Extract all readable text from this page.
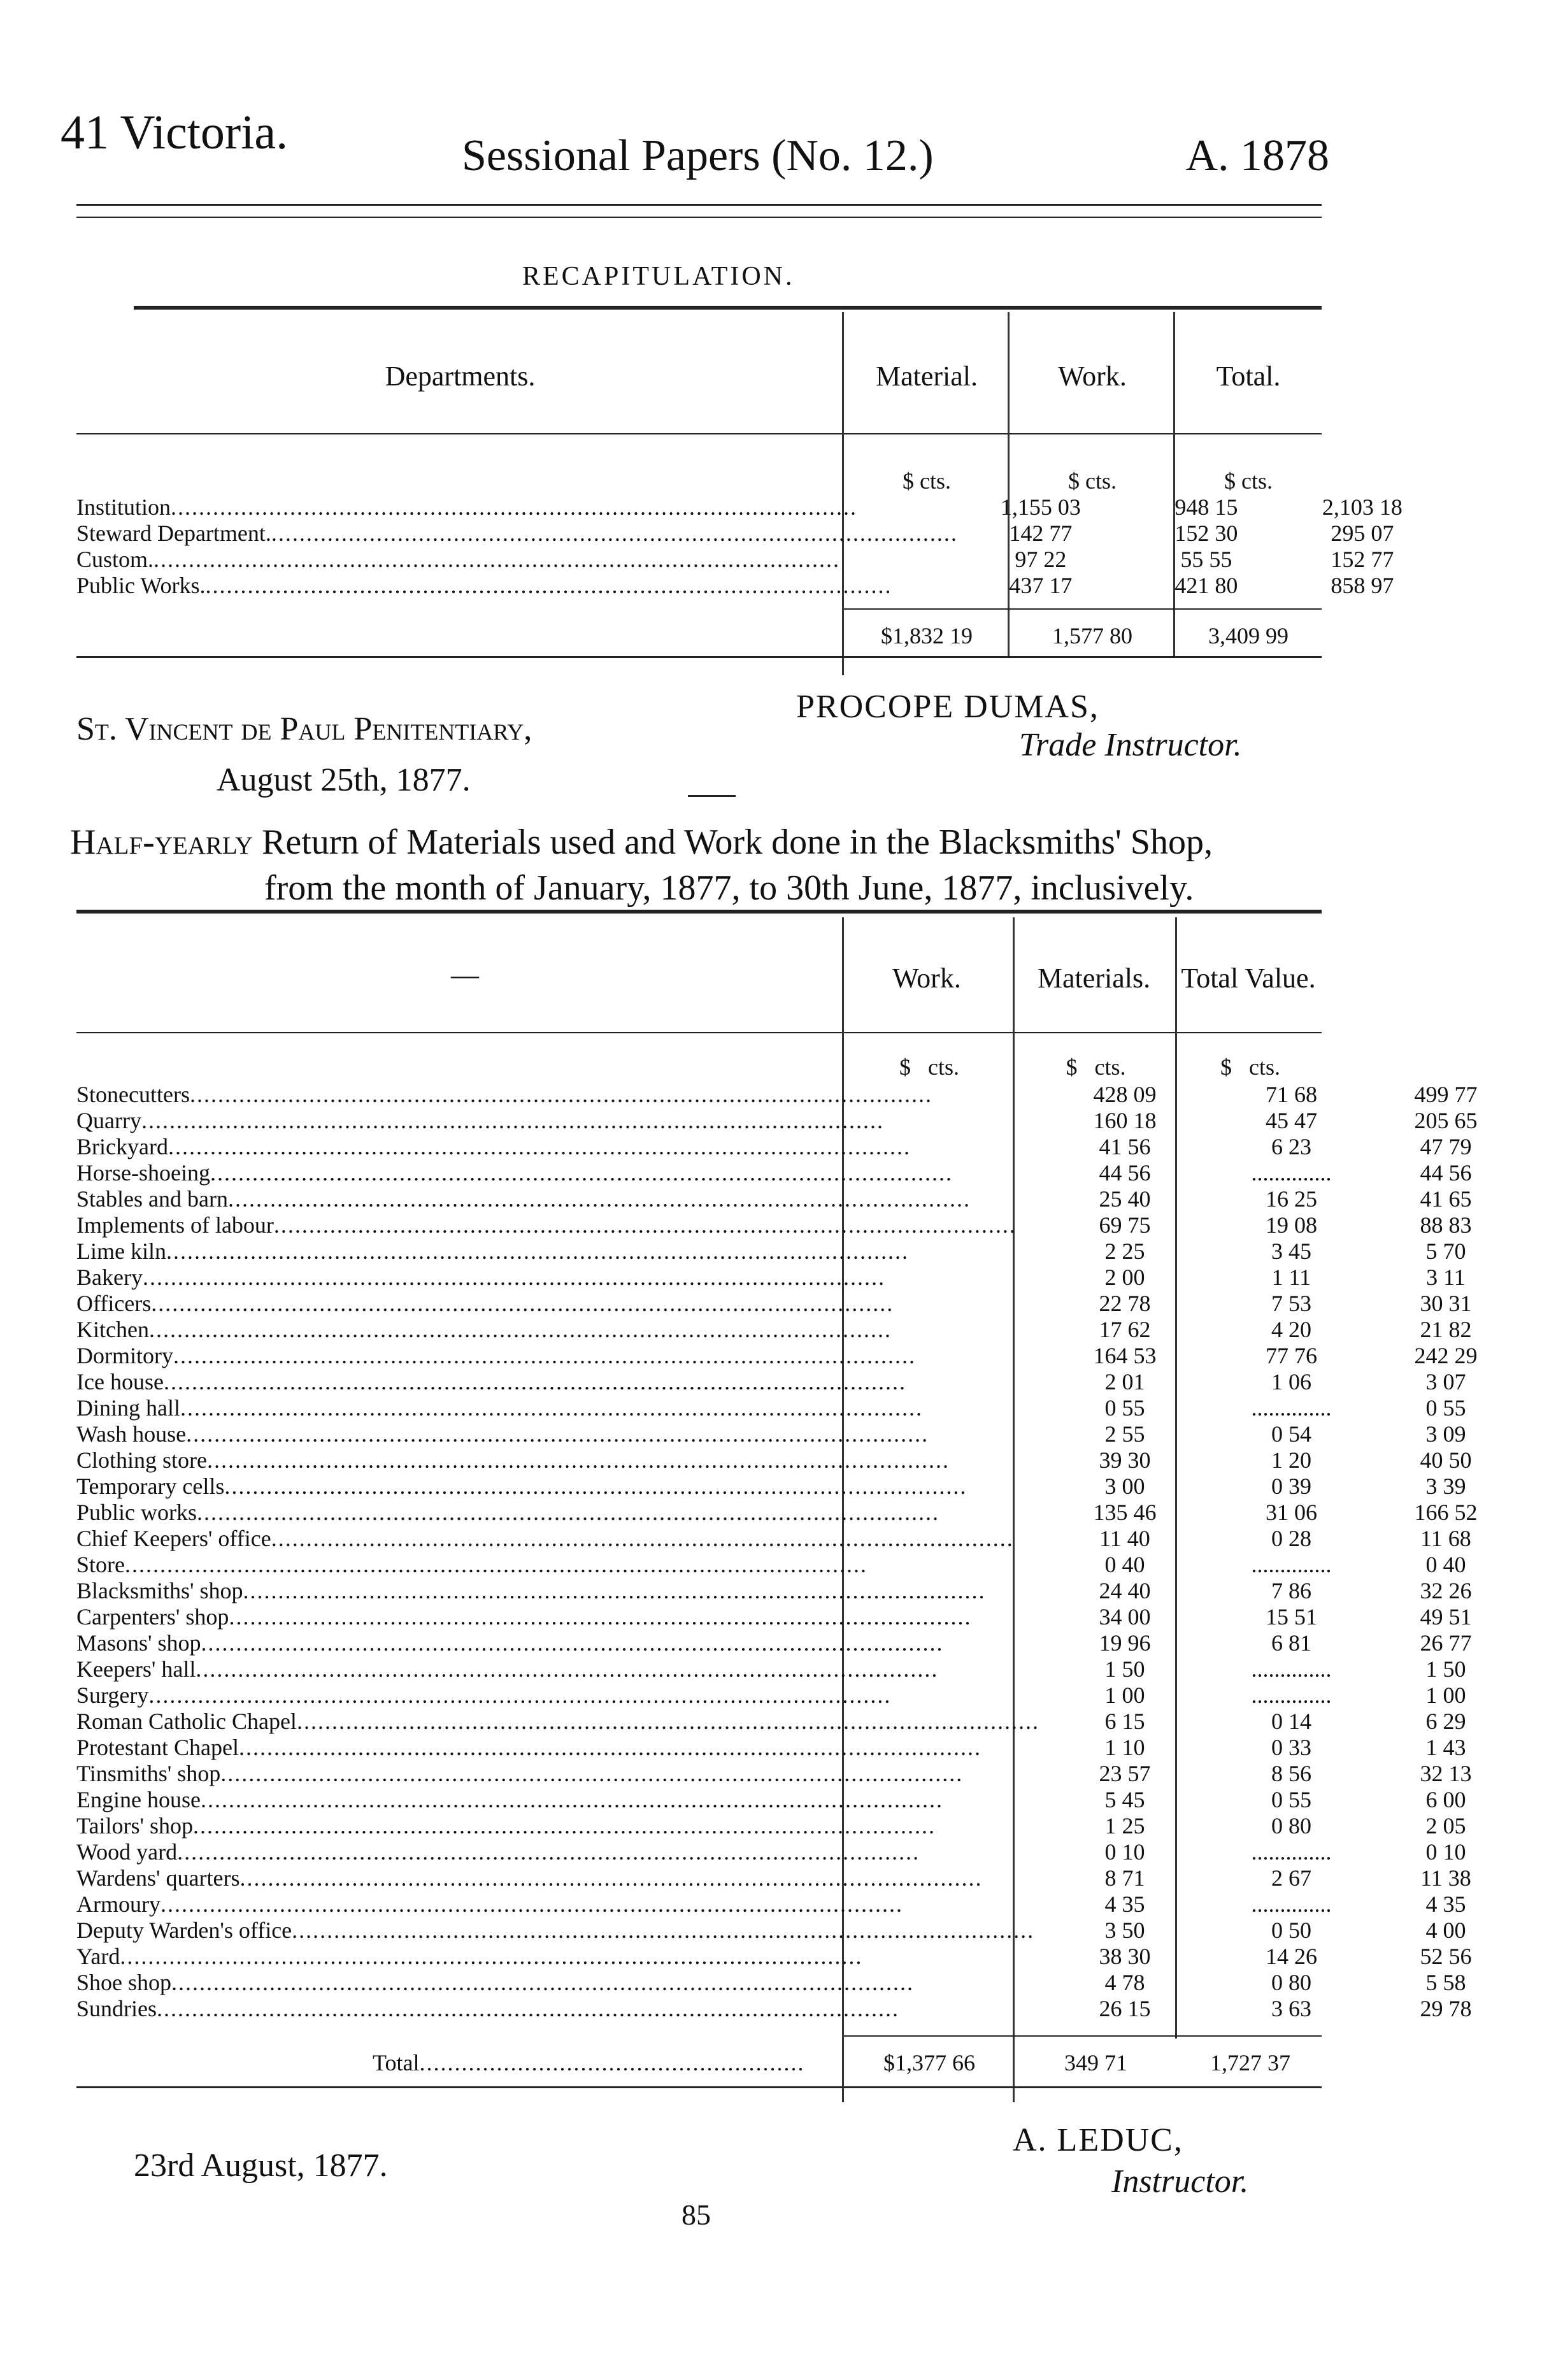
41 Victoria.	Sessional Papers (No. 12.)	A. 1878
RECAPITULATION.
Departments.	Material.	Work.	Total.
	$ cts.	$ cts.	$ cts.
Institution..................................................................................................	1,155 03	948 15	2,103 18
Steward Department...................................................................................................	142 77	152 30	295 07
Custom...................................................................................................	97 22	55 55	152 77
Public Works...................................................................................................	437 17	421 80	858 97
	$1,832 19	1,577 80	3,409 99
St. Vincent de Paul Penitentiary,
August 25th, 1877.
PROCOPE DUMAS,
Trade Instructor.
Half-yearly Return of Materials used and Work done in the Blacksmiths' Shop,
from the month of January, 1877, to 30th June, 1877, inclusively.
—	Work.	Materials.	Total Value.
	$ cts.	$ cts.	$ cts.
Stonecutters..........................................................................................................	428 09	71 68	499 77
Quarry..........................................................................................................	160 18	45 47	205 65
Brickyard..........................................................................................................	41 56	6 23	47 79
Horse-shoeing..........................................................................................................	44 56	..............	44 56
Stables and barn..........................................................................................................	25 40	16 25	41 65
Implements of labour..........................................................................................................	69 75	19 08	88 83
Lime kiln..........................................................................................................	2 25	3 45	5 70
Bakery..........................................................................................................	2 00	1 11	3 11
Officers..........................................................................................................	22 78	7 53	30 31
Kitchen..........................................................................................................	17 62	4 20	21 82
Dormitory..........................................................................................................	164 53	77 76	242 29
Ice house..........................................................................................................	2 01	1 06	3 07
Dining hall..........................................................................................................	0 55	..............	0 55
Wash house..........................................................................................................	2 55	0 54	3 09
Clothing store..........................................................................................................	39 30	1 20	40 50
Temporary cells..........................................................................................................	3 00	0 39	3 39
Public works..........................................................................................................	135 46	31 06	166 52
Chief Keepers' office..........................................................................................................	11 40	0 28	11 68
Store..........................................................................................................	0 40	..............	0 40
Blacksmiths' shop..........................................................................................................	24 40	7 86	32 26
Carpenters' shop..........................................................................................................	34 00	15 51	49 51
Masons' shop..........................................................................................................	19 96	6 81	26 77
Keepers' hall..........................................................................................................	1 50	..............	1 50
Surgery..........................................................................................................	1 00	..............	1 00
Roman Catholic Chapel..........................................................................................................	6 15	0 14	6 29
Protestant Chapel..........................................................................................................	1 10	0 33	1 43
Tinsmiths' shop..........................................................................................................	23 57	8 56	32 13
Engine house..........................................................................................................	5 45	0 55	6 00
Tailors' shop..........................................................................................................	1 25	0 80	2 05
Wood yard..........................................................................................................	0 10	..............	0 10
Wardens' quarters..........................................................................................................	8 71	2 67	11 38
Armoury..........................................................................................................	4 35	..............	4 35
Deputy Warden's office..........................................................................................................	3 50	0 50	4 00
Yard..........................................................................................................	38 30	14 26	52 56
Shoe shop..........................................................................................................	4 78	0 80	5 58
Sundries..........................................................................................................	26 15	3 63	29 78
Total.......................................................	$1,377 66	349 71	1,727 37
23rd August, 1877.
A. LEDUC,
Instructor.
85
